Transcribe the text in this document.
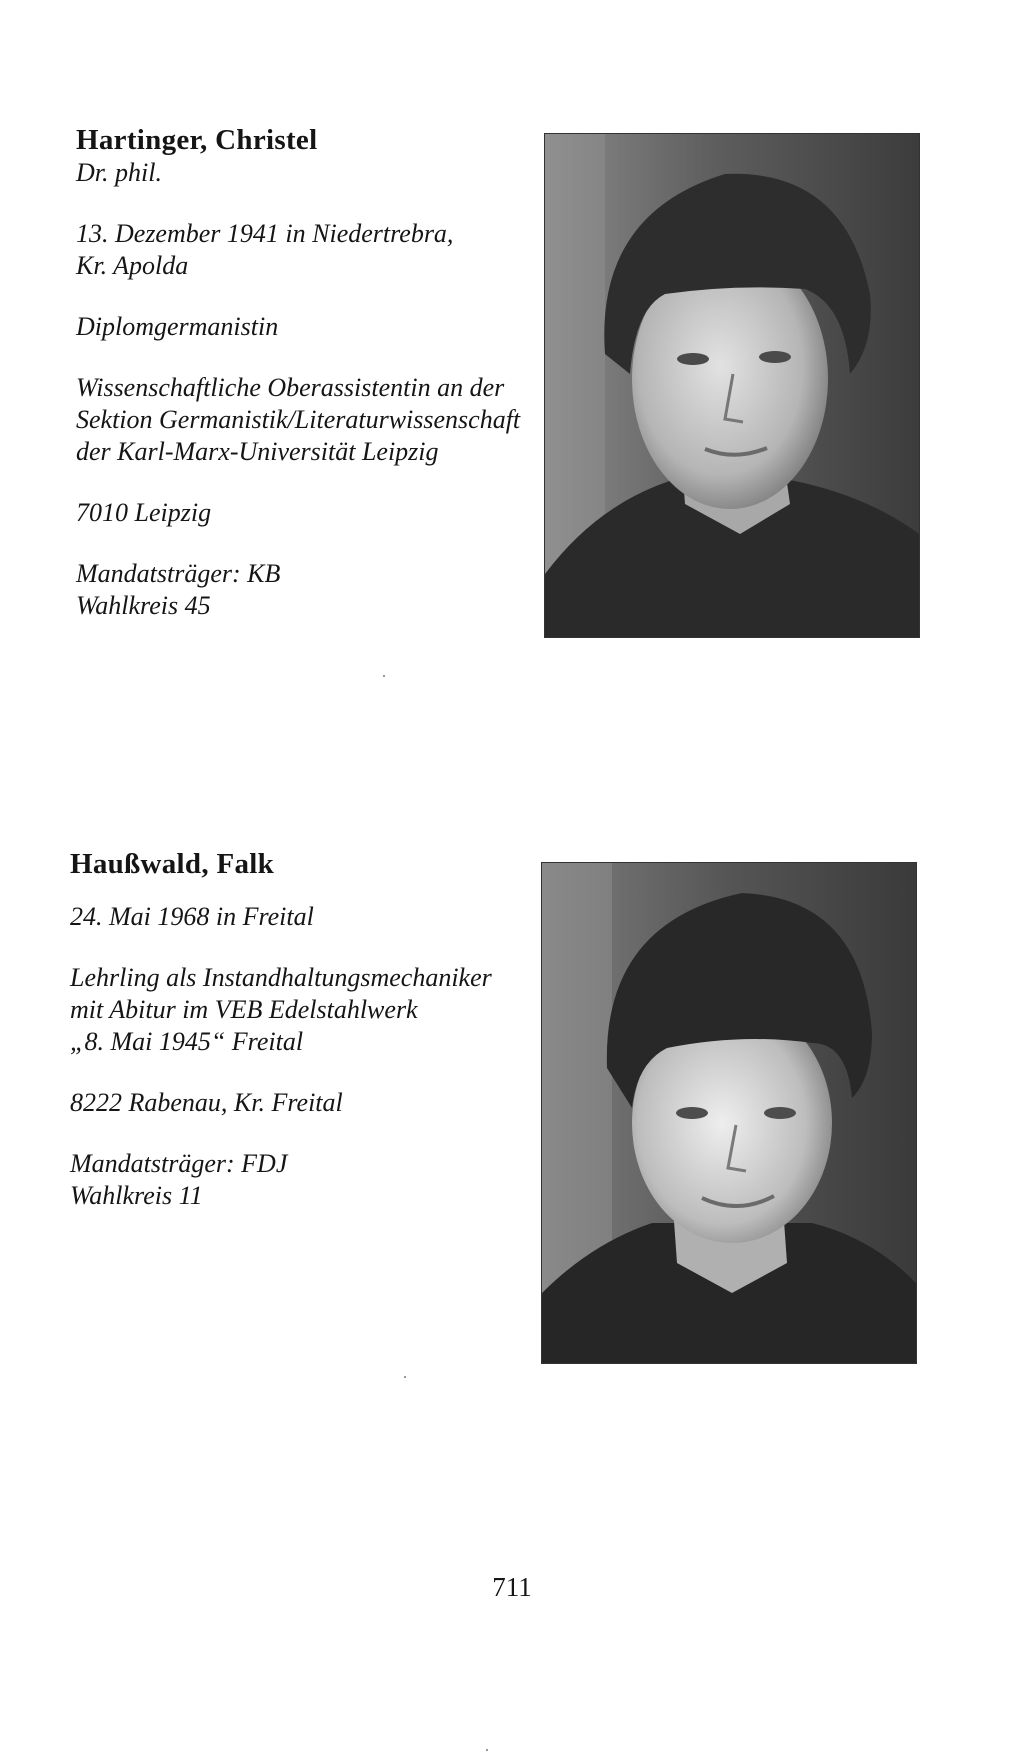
Hartinger, Christel
Dr. phil.
13. Dezember 1941 in Niedertrebra,
Kr. Apolda
Diplomgermanistin
Wissenschaftliche Oberassistentin an der
Sektion Germanistik/Literaturwissenschaft
der Karl-Marx-Universität Leipzig
7010 Leipzig
Mandatsträger: KB
Wahlkreis 45
Haußwald, Falk
24. Mai 1968 in Freital
Lehrling als Instandhaltungsmechaniker
mit Abitur im VEB Edelstahlwerk
„8. Mai 1945“ Freital
8222 Rabenau, Kr. Freital
Mandatsträger: FDJ
Wahlkreis 11
711
